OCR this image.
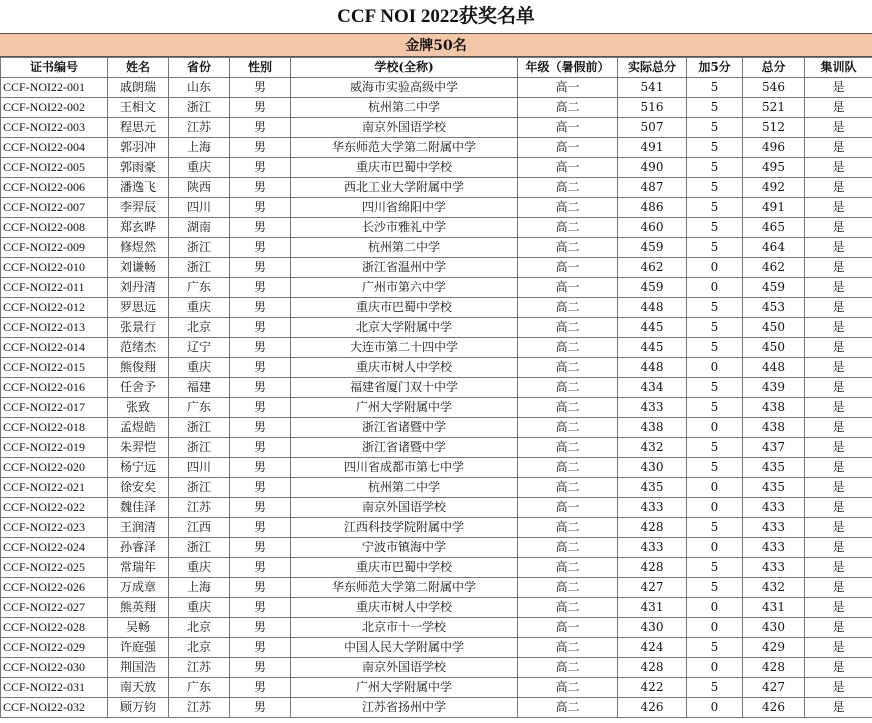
CCF NOI 2022获奖名单
金牌50名
证书编号	姓名	省份	性别	学校(全称)	年级（暑假前）	实际总分	加5分	总分	集训队
CCF-NOI22-001	戚朗瑞	山东	男	威海市实验高级中学	高一	541	5	546	是
CCF-NOI22-002	王相文	浙江	男	杭州第二中学	高二	516	5	521	是
CCF-NOI22-003	程思元	江苏	男	南京外国语学校	高一	507	5	512	是
CCF-NOI22-004	郭羽冲	上海	男	华东师范大学第二附属中学	高一	491	5	496	是
CCF-NOI22-005	郭雨豪	重庆	男	重庆市巴蜀中学校	高一	490	5	495	是
CCF-NOI22-006	潘逸飞	陕西	男	西北工业大学附属中学	高二	487	5	492	是
CCF-NOI22-007	李羿辰	四川	男	四川省绵阳中学	高二	486	5	491	是
CCF-NOI22-008	郑玄晔	湖南	男	长沙市雅礼中学	高二	460	5	465	是
CCF-NOI22-009	修煜然	浙江	男	杭州第二中学	高二	459	5	464	是
CCF-NOI22-010	刘谦畅	浙江	男	浙江省温州中学	高一	462	0	462	是
CCF-NOI22-011	刘丹清	广东	男	广州市第六中学	高一	459	0	459	是
CCF-NOI22-012	罗思远	重庆	男	重庆市巴蜀中学校	高二	448	5	453	是
CCF-NOI22-013	张景行	北京	男	北京大学附属中学	高二	445	5	450	是
CCF-NOI22-014	范绪杰	辽宁	男	大连市第二十四中学	高二	445	5	450	是
CCF-NOI22-015	熊俊翔	重庆	男	重庆市树人中学校	高二	448	0	448	是
CCF-NOI22-016	任舍予	福建	男	福建省厦门双十中学	高二	434	5	439	是
CCF-NOI22-017	张致	广东	男	广州大学附属中学	高二	433	5	438	是
CCF-NOI22-018	孟煜皓	浙江	男	浙江省诸暨中学	高二	438	0	438	是
CCF-NOI22-019	朱羿恺	浙江	男	浙江省诸暨中学	高二	432	5	437	是
CCF-NOI22-020	杨宁远	四川	男	四川省成都市第七中学	高二	430	5	435	是
CCF-NOI22-021	徐安矣	浙江	男	杭州第二中学	高二	435	0	435	是
CCF-NOI22-022	魏佳泽	江苏	男	南京外国语学校	高一	433	0	433	是
CCF-NOI22-023	王润清	江西	男	江西科技学院附属中学	高二	428	5	433	是
CCF-NOI22-024	孙睿泽	浙江	男	宁波市镇海中学	高二	433	0	433	是
CCF-NOI22-025	常瑞年	重庆	男	重庆市巴蜀中学校	高二	428	5	433	是
CCF-NOI22-026	万成章	上海	男	华东师范大学第二附属中学	高二	427	5	432	是
CCF-NOI22-027	熊英翔	重庆	男	重庆市树人中学校	高二	431	0	431	是
CCF-NOI22-028	吴畅	北京	男	北京市十一学校	高一	430	0	430	是
CCF-NOI22-029	许庭强	北京	男	中国人民大学附属中学	高二	424	5	429	是
CCF-NOI22-030	荆国浩	江苏	男	南京外国语学校	高二	428	0	428	是
CCF-NOI22-031	南天放	广东	男	广州大学附属中学	高二	422	5	427	是
CCF-NOI22-032	顾万钧	江苏	男	江苏省扬州中学	高二	426	0	426	是
